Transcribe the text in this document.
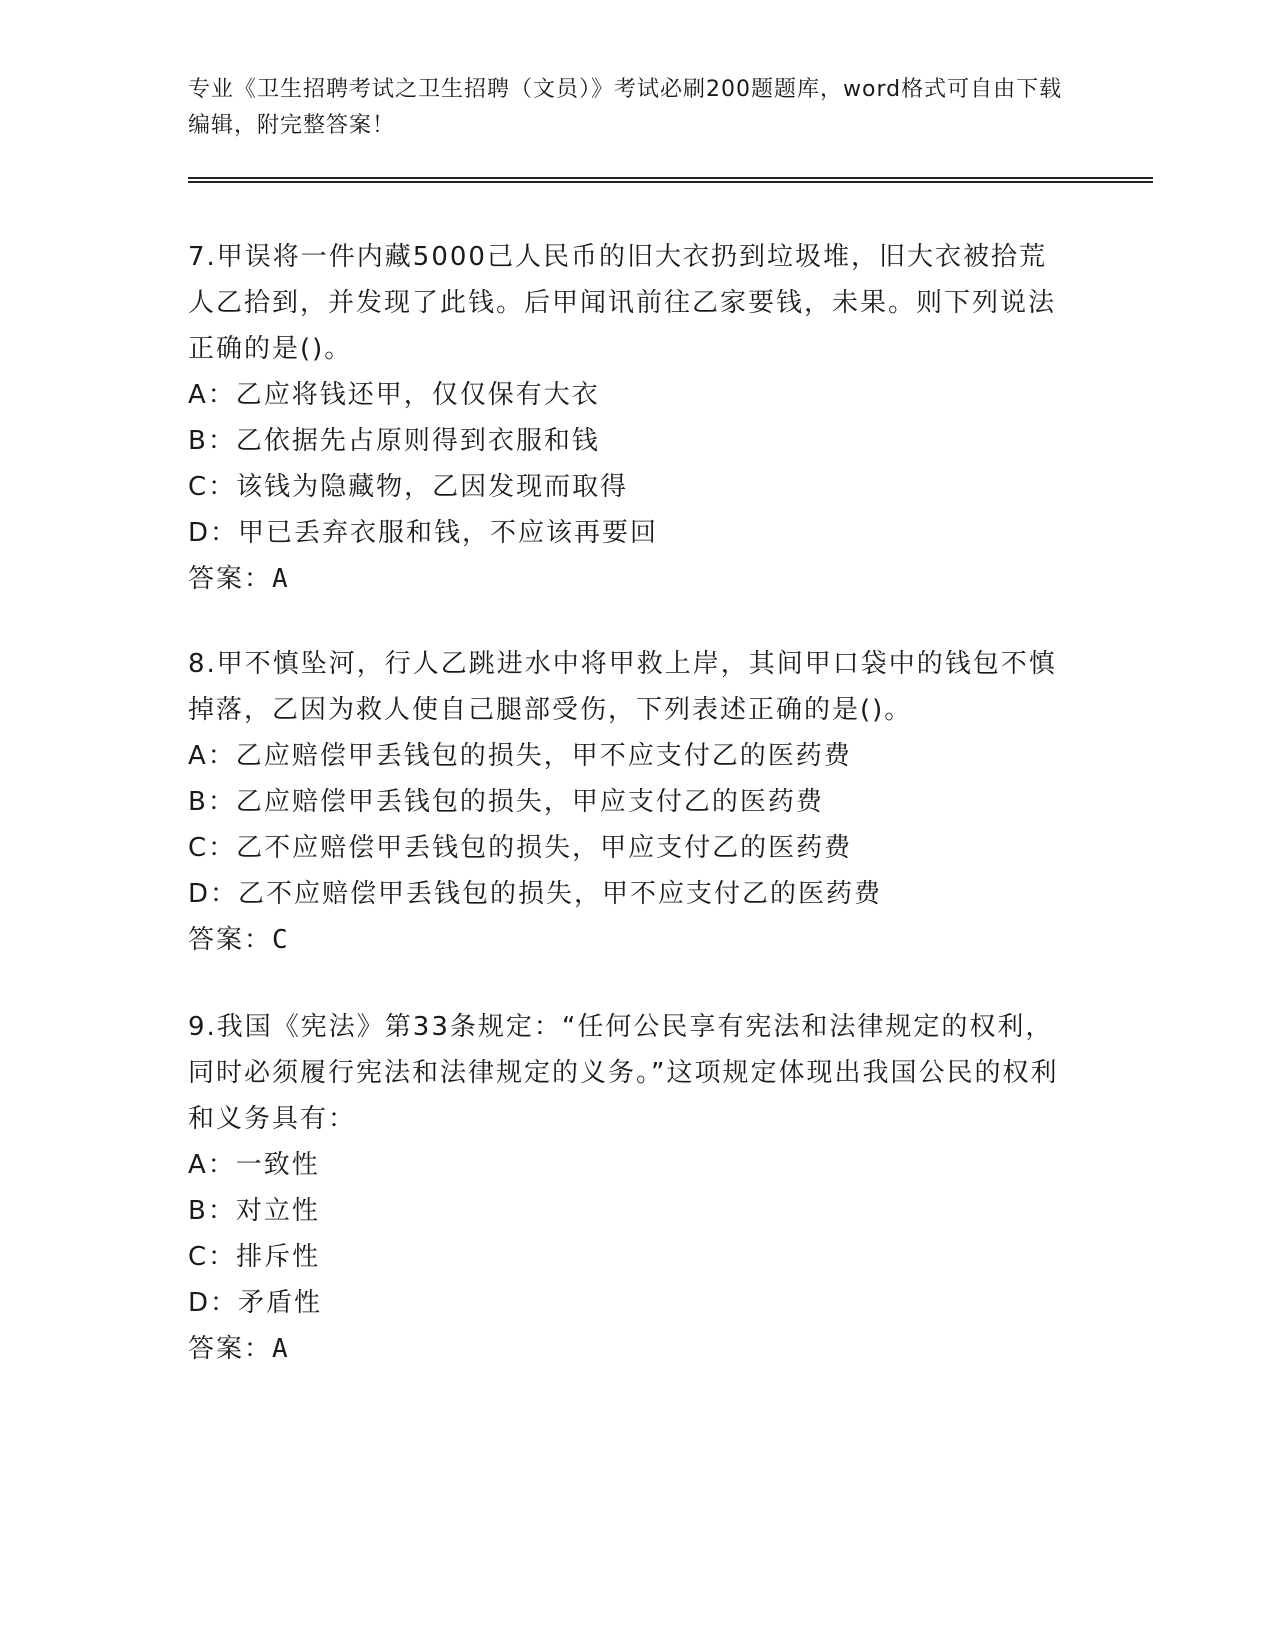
专业《卫生招聘考试之卫生招聘（文员）》考试必刷200题题库，word格式可自由下载编辑，附完整答案！

7.甲误将一件内藏5000己人民币的旧大衣扔到垃圾堆，旧大衣被拾荒人乙拾到，并发现了此钱。后甲闻讯前往乙家要钱，未果。则下列说法正确的是()。

A：乙应将钱还甲，仅仅保有大衣

B：乙依据先占原则得到衣服和钱

C：该钱为隐藏物，乙因发现而取得

D：甲已丢弃衣服和钱，不应该再要回

答案：A

8.甲不慎坠河，行人乙跳进水中将甲救上岸，其间甲口袋中的钱包不慎掉落，乙因为救人使自己腿部受伤，下列表述正确的是()。

A：乙应赔偿甲丢钱包的损失，甲不应支付乙的医药费

B：乙应赔偿甲丢钱包的损失，甲应支付乙的医药费

C：乙不应赔偿甲丢钱包的损失，甲应支付乙的医药费

D：乙不应赔偿甲丢钱包的损失，甲不应支付乙的医药费

答案：C

9.我国《宪法》第33条规定：“任何公民享有宪法和法律规定的权利，同时必须履行宪法和法律规定的义务。”这项规定体现出我国公民的权利和义务具有：

A：一致性

B：对立性

C：排斥性

D：矛盾性

答案：A
